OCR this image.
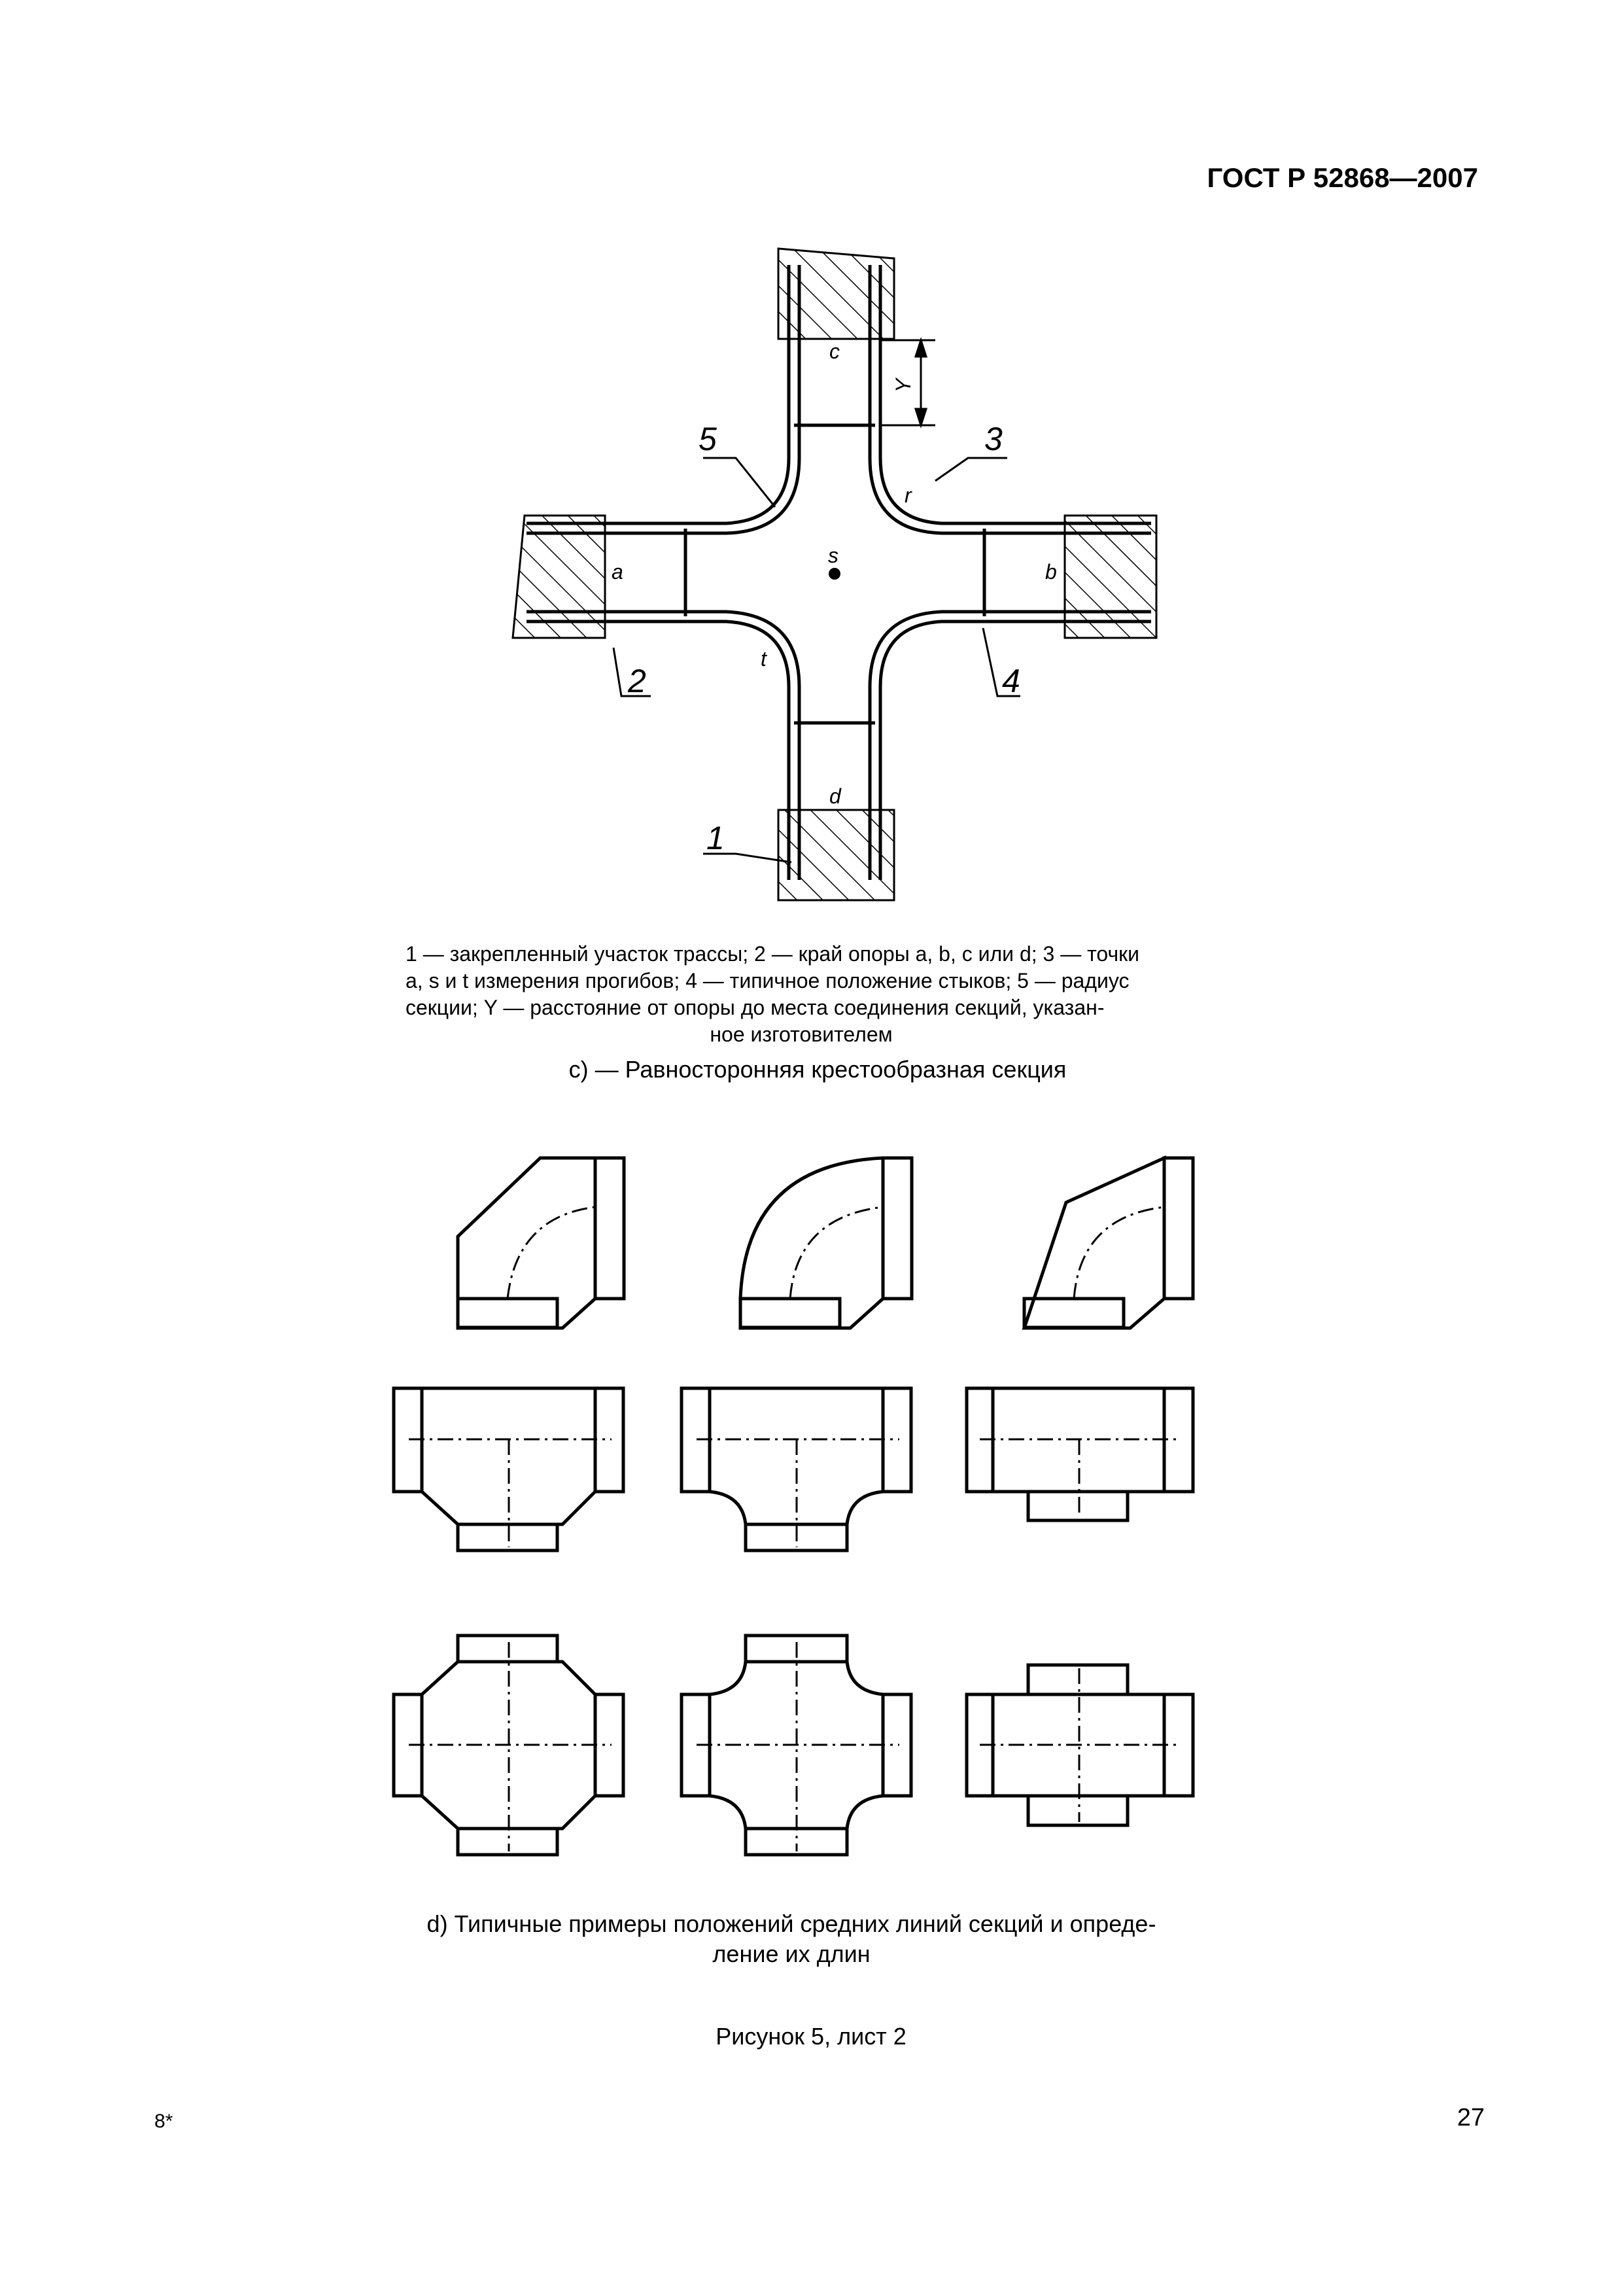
ГОСТ Р 52868—2007
5	3
2	4
1
c
d
a	b
s
r
t
Y
1 — закрепленный участок трассы; 2 — край опоры a, b, c или d; 3 — точки
a, s и t измерения прогибов; 4 — типичное положение стыков; 5 — радиус
секции; Y — расстояние от опоры до места соединения секций, указан-
ное изготовителем
c) — Равносторонняя крестообразная секция
d) Типичные примеры положений средних линий секций и опреде-
ление их длин
Рисунок 5, лист 2
8*	27
